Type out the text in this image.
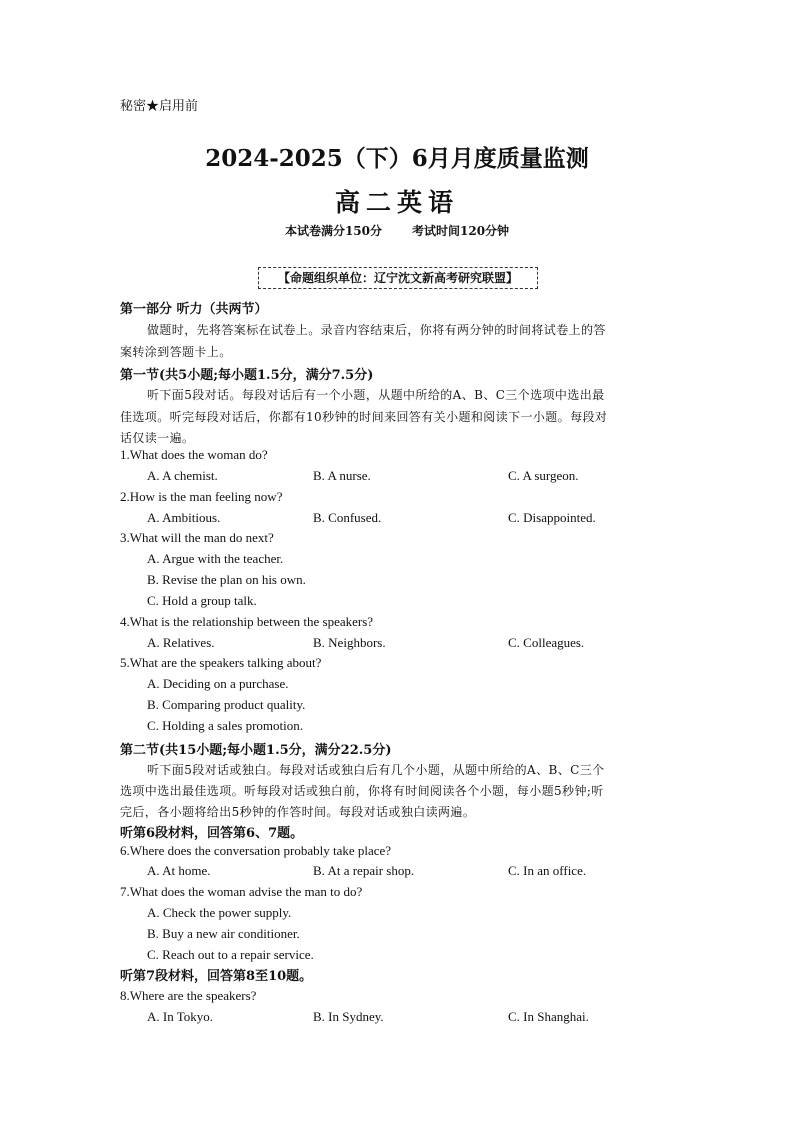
秘密★启用前
2024-2025（下）6月月度质量监测
高二英语
本试卷满分150分	考试时间120分钟
【命题组织单位：辽宁沈文新高考研究联盟】
第一部分 听力（共两节）
做题时，先将答案标在试卷上。录音内容结束后，你将有两分钟的时间将试卷上的答
案转涂到答题卡上。
第一节(共5小题;每小题1.5分，满分7.5分)
听下面5段对话。每段对话后有一个小题，从题中所给的A、B、C三个选项中选出最
佳选项。听完每段对话后，你都有10秒钟的时间来回答有关小题和阅读下一小题。每段对
话仅读一遍。
1.What does the woman do?
A. A chemist.	B. A nurse.	C. A surgeon.
2.How is the man feeling now?
A. Ambitious.	B. Confused.	C. Disappointed.
3.What will the man do next?
A. Argue with the teacher.
B. Revise the plan on his own.
C. Hold a group talk.
4.What is the relationship between the speakers?
A. Relatives.	B. Neighbors.	C. Colleagues.
5.What are the speakers talking about?
A. Deciding on a purchase.
B. Comparing product quality.
C. Holding a sales promotion.
第二节(共15小题;每小题1.5分，满分22.5分)
听下面5段对话或独白。每段对话或独白后有几个小题，从题中所给的A、B、C三个
选项中选出最佳选项。听每段对话或独白前，你将有时间阅读各个小题，每小题5秒钟;听
完后，各小题将给出5秒钟的作答时间。每段对话或独白读两遍。
听第6段材料，回答第6、7题。
6.Where does the conversation probably take place?
A. At home.	B. At a repair shop.	C. In an office.
7.What does the woman advise the man to do?
A. Check the power supply.
B. Buy a new air conditioner.
C. Reach out to a repair service.
听第7段材料，回答第8至10题。
8.Where are the speakers?
A. In Tokyo.	B. In Sydney.	C. In Shanghai.
